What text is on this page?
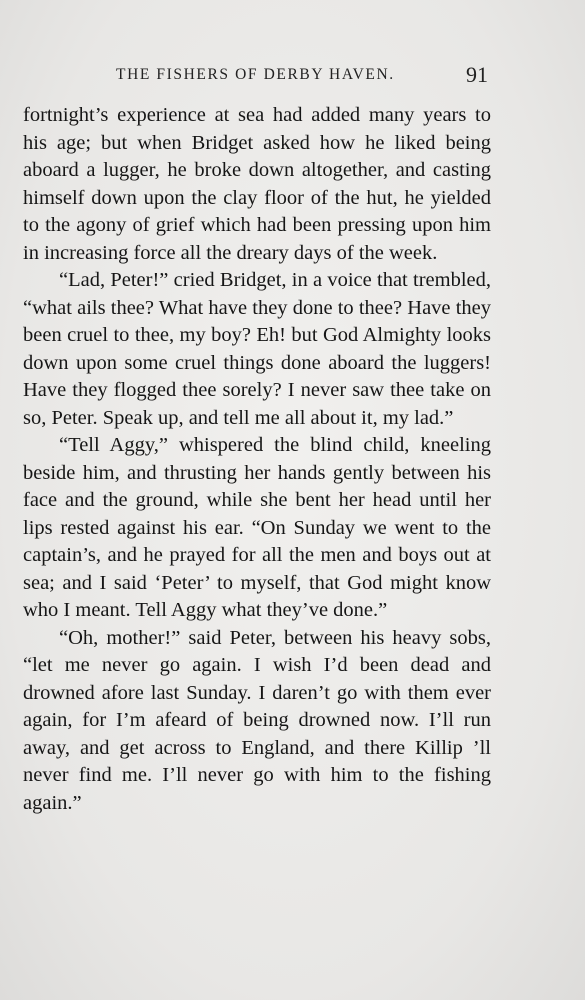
THE FISHERS OF DERBY HAVEN.	91

fortnight’s experience at sea had added many years to his age; but when Bridget asked how he liked being aboard a lugger, he broke down altogether, and casting himself down upon the clay floor of the hut, he yielded to the agony of grief which had been pressing upon him in increasing force all the dreary days of the week.

“Lad, Peter!” cried Bridget, in a voice that trembled, “what ails thee? What have they done to thee? Have they been cruel to thee, my boy? Eh! but God Almighty looks down upon some cruel things done aboard the luggers! Have they flogged thee sorely? I never saw thee take on so, Peter. Speak up, and tell me all about it, my lad.”

“Tell Aggy,” whispered the blind child, kneeling beside him, and thrusting her hands gently between his face and the ground, while she bent her head until her lips rested against his ear. “On Sunday we went to the captain’s, and he prayed for all the men and boys out at sea; and I said ‘Peter’ to myself, that God might know who I meant. Tell Aggy what they’ve done.”

“Oh, mother!” said Peter, between his heavy sobs, “let me never go again. I wish I’d been dead and drowned afore last Sunday. I daren’t go with them ever again, for I’m afeard of being drowned now. I’ll run away, and get across to England, and there Killip ’ll never find me. I’ll never go with him to the fishing again.”
